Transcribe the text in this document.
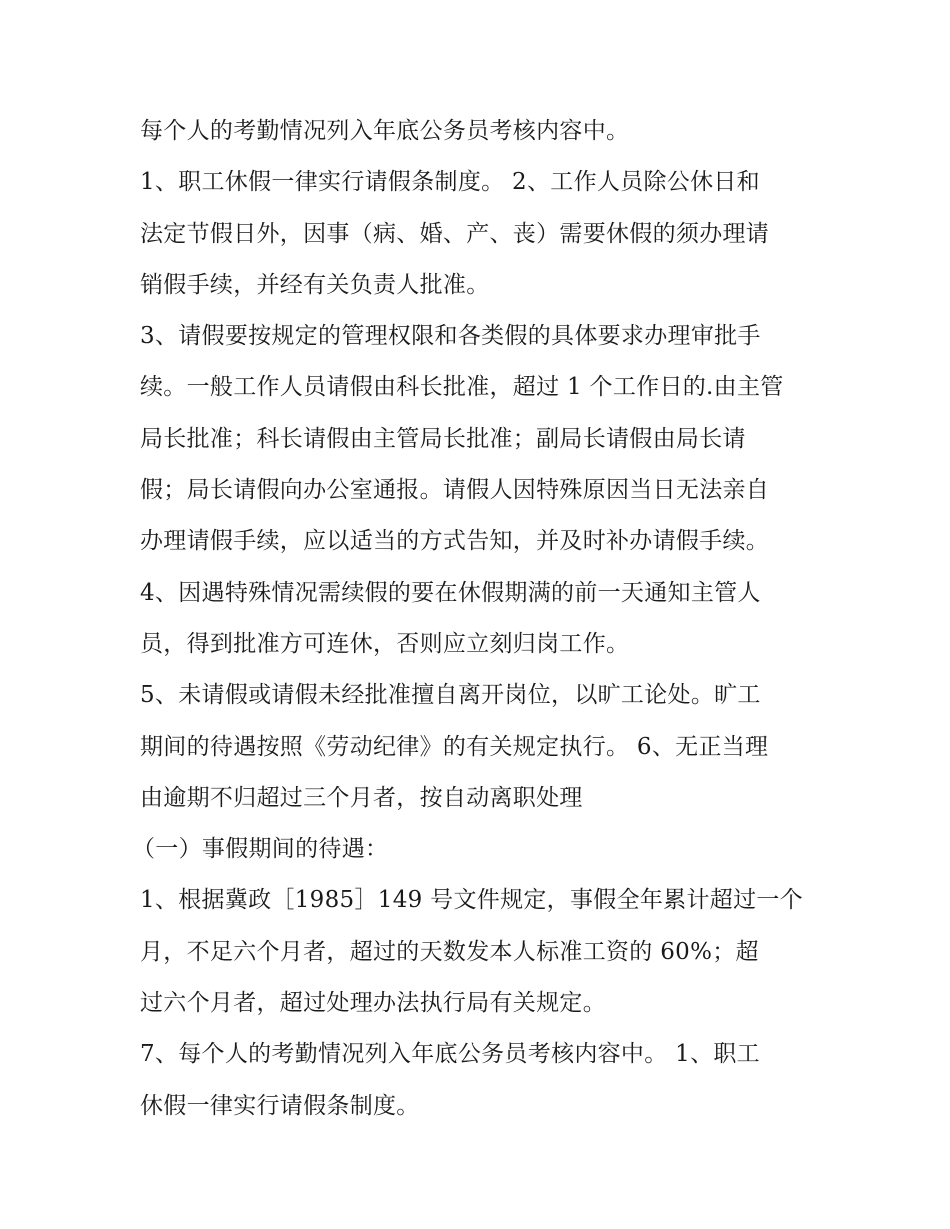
每个人的考勤情况列入年底公务员考核内容中。

1、职工休假一律实行请假条制度。 2、工作人员除公休日和
法定节假日外，因事（病、婚、产、丧）需要休假的须办理请
销假手续，并经有关负责人批准。

3、请假要按规定的管理权限和各类假的具体要求办理审批手
续。一般工作人员请假由科长批准，超过 1 个工作日的.由主管
局长批准；科长请假由主管局长批准；副局长请假由局长请
假；局长请假向办公室通报。请假人因特殊原因当日无法亲自
办理请假手续，应以适当的方式告知，并及时补办请假手续。

4、因遇特殊情况需续假的要在休假期满的前一天通知主管人
员，得到批准方可连休，否则应立刻归岗工作。

5、未请假或请假未经批准擅自离开岗位，以旷工论处。旷工
期间的待遇按照《劳动纪律》的有关规定执行。 6、无正当理
由逾期不归超过三个月者，按自动离职处理

（一）事假期间的待遇：

1、根据冀政［1985］149 号文件规定，事假全年累计超过一个
月，不足六个月者，超过的天数发本人标准工资的 60%；超
过六个月者，超过处理办法执行局有关规定。

7、每个人的考勤情况列入年底公务员考核内容中。 1、职工
休假一律实行请假条制度。
